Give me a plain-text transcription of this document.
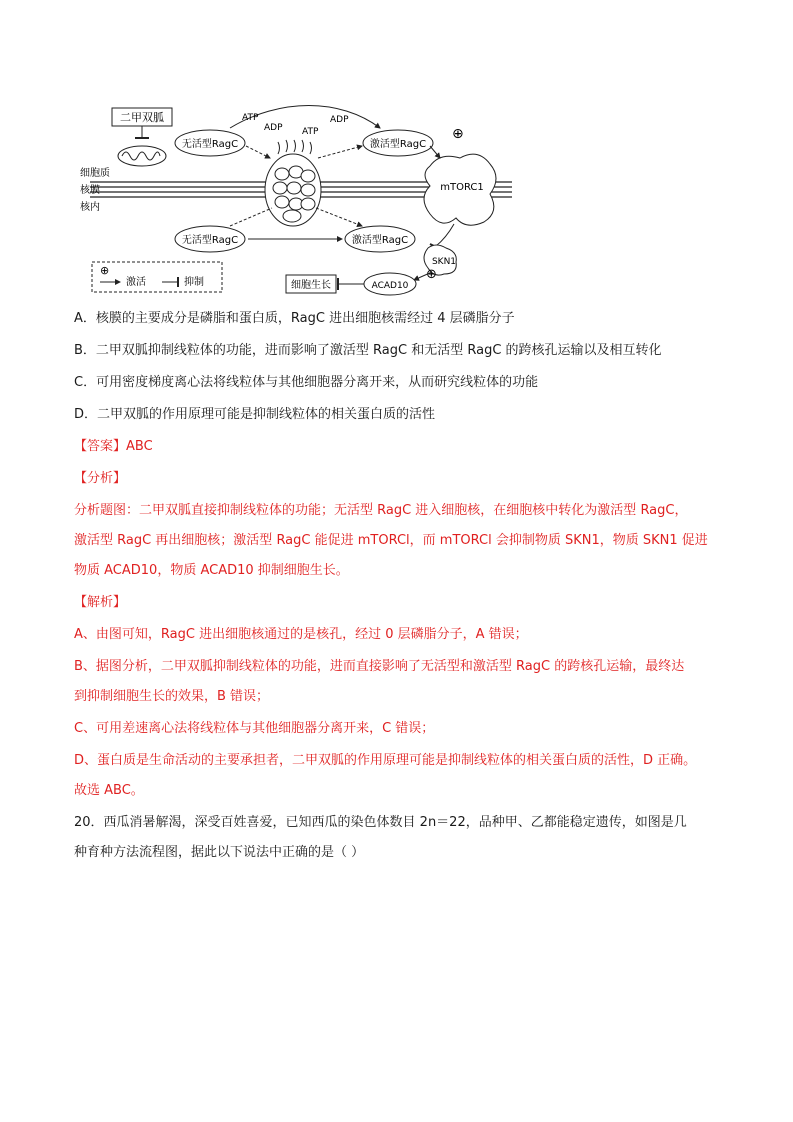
二甲双胍
细胞质
核膜
核内
无活型RagC	激活型RagC
ATP
ADP ATP
ADP
无活型RagC	激活型RagC
mTORC1
⊕
SKN1
⊕
ACAD10
细胞生长
⊕
激活	抑制
A．核膜的主要成分是磷脂和蛋白质，RagC 进出细胞核需经过 4 层磷脂分子
B．二甲双胍抑制线粒体的功能，进而影响了激活型 RagC 和无活型 RagC 的跨核孔运输以及相互转化
C．可用密度梯度离心法将线粒体与其他细胞器分离开来，从而研究线粒体的功能
D．二甲双胍的作用原理可能是抑制线粒体的相关蛋白质的活性
【答案】ABC
【分析】
分析题图：二甲双胍直接抑制线粒体的功能；无活型 RagC 进入细胞核，在细胞核中转化为激活型 RagC，
激活型 RagC 再出细胞核；激活型 RagC 能促进 mTORCl，而 mTORCl 会抑制物质 SKN1，物质 SKN1 促进
物质 ACAD10，物质 ACAD10 抑制细胞生长。
【解析】
A、由图可知，RagC 进出细胞核通过的是核孔，经过 0 层磷脂分子，A 错误；
B、据图分析，二甲双胍抑制线粒体的功能，进而直接影响了无活型和激活型 RagC 的跨核孔运输，最终达
到抑制细胞生长的效果，B 错误；
C、可用差速离心法将线粒体与其他细胞器分离开来，C 错误；
D、蛋白质是生命活动的主要承担者，二甲双胍的作用原理可能是抑制线粒体的相关蛋白质的活性，D 正确。
故选 ABC。
20．西瓜消暑解渴，深受百姓喜爱，已知西瓜的染色体数目 2n＝22，品种甲、乙都能稳定遗传，如图是几
种育种方法流程图，据此以下说法中正确的是（ ）
